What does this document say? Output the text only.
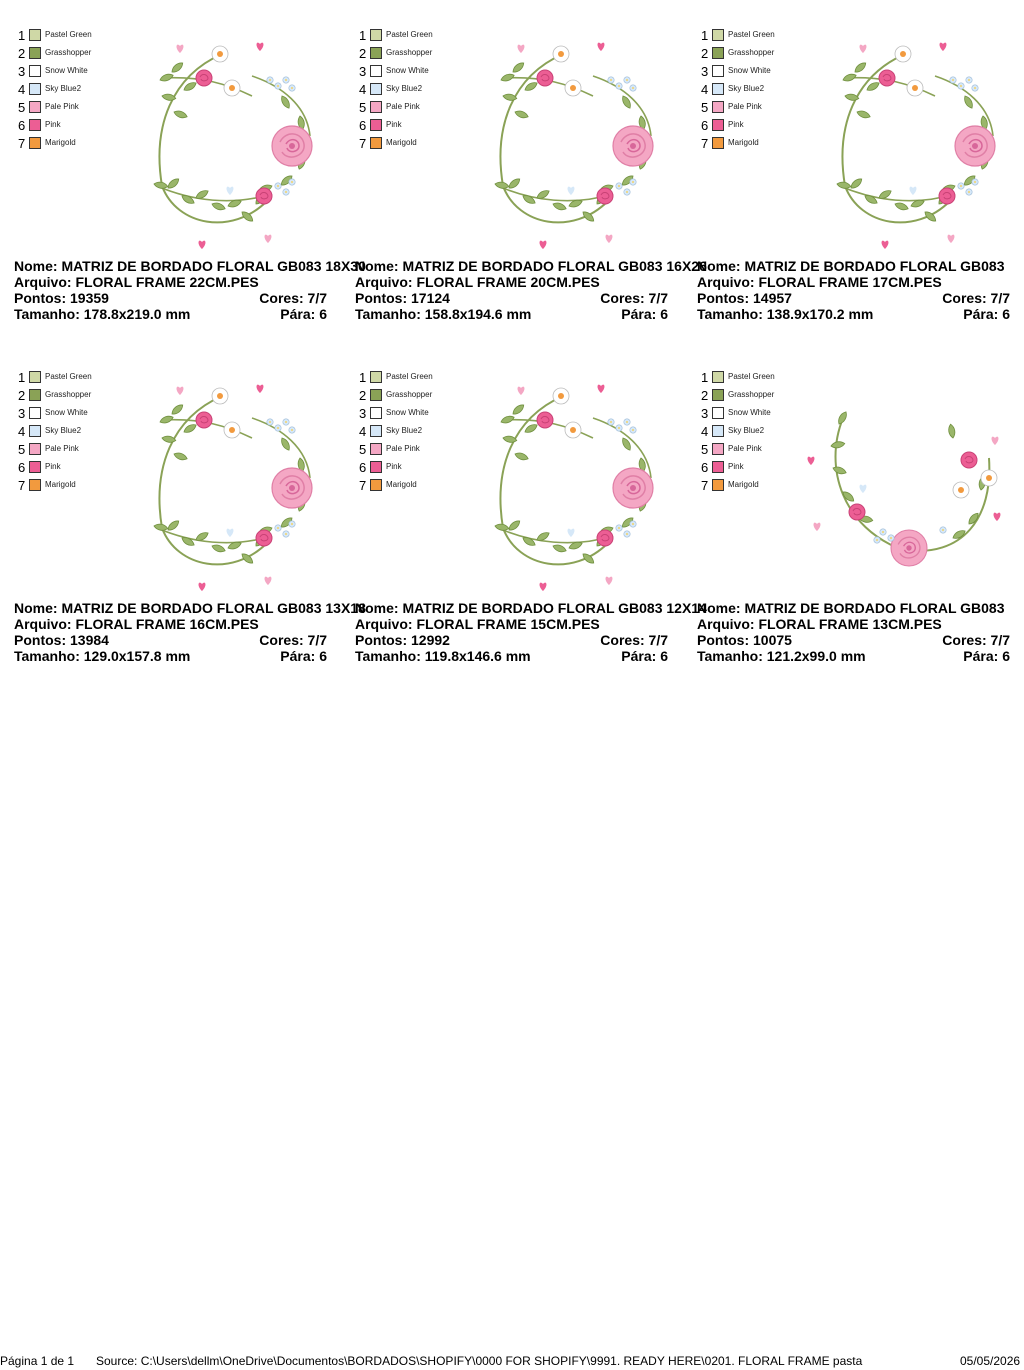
1	Pastel Green
2	Grasshopper
3	Snow White
4	Sky Blue2
5	Pale Pink
6	Pink
7	Marigold
Nome: MATRIZ DE BORDADO FLORAL GB083 18X30
Arquivo: FLORAL FRAME 22CM.PES
Pontos: 19359	Cores: 7/7
Tamanho: 178.8x219.0 mm	Pára: 6
1	Pastel Green
2	Grasshopper
3	Snow White
4	Sky Blue2
5	Pale Pink
6	Pink
7	Marigold
Nome: MATRIZ DE BORDADO FLORAL GB083 16X26
Arquivo: FLORAL FRAME 20CM.PES
Pontos: 17124	Cores: 7/7
Tamanho: 158.8x194.6 mm	Pára: 6
1	Pastel Green
2	Grasshopper
3	Snow White
4	Sky Blue2
5	Pale Pink
6	Pink
7	Marigold
Nome: MATRIZ DE BORDADO FLORAL GB083
Arquivo: FLORAL FRAME 17CM.PES
Pontos: 14957	Cores: 7/7
Tamanho: 138.9x170.2 mm	Pára: 6
1	Pastel Green
2	Grasshopper
3	Snow White
4	Sky Blue2
5	Pale Pink
6	Pink
7	Marigold
Nome: MATRIZ DE BORDADO FLORAL GB083 13X18
Arquivo: FLORAL FRAME 16CM.PES
Pontos: 13984	Cores: 7/7
Tamanho: 129.0x157.8 mm	Pára: 6
1	Pastel Green
2	Grasshopper
3	Snow White
4	Sky Blue2
5	Pale Pink
6	Pink
7	Marigold
Nome: MATRIZ DE BORDADO FLORAL GB083 12X14
Arquivo: FLORAL FRAME 15CM.PES
Pontos: 12992	Cores: 7/7
Tamanho: 119.8x146.6 mm	Pára: 6
1	Pastel Green
2	Grasshopper
3	Snow White
4	Sky Blue2
5	Pale Pink
6	Pink
7	Marigold
Nome: MATRIZ DE BORDADO FLORAL GB083
Arquivo: FLORAL FRAME 13CM.PES
Pontos: 10075	Cores: 7/7
Tamanho: 121.2x99.0 mm	Pára: 6
Página 1 de 1 Source: C:\Users\dellm\OneDrive\Documentos\BORDADOS\SHOPIFY\0000 FOR SHOPIFY\9991. READY HERE\0201. FLORAL FRAME pasta	05/05/2026
